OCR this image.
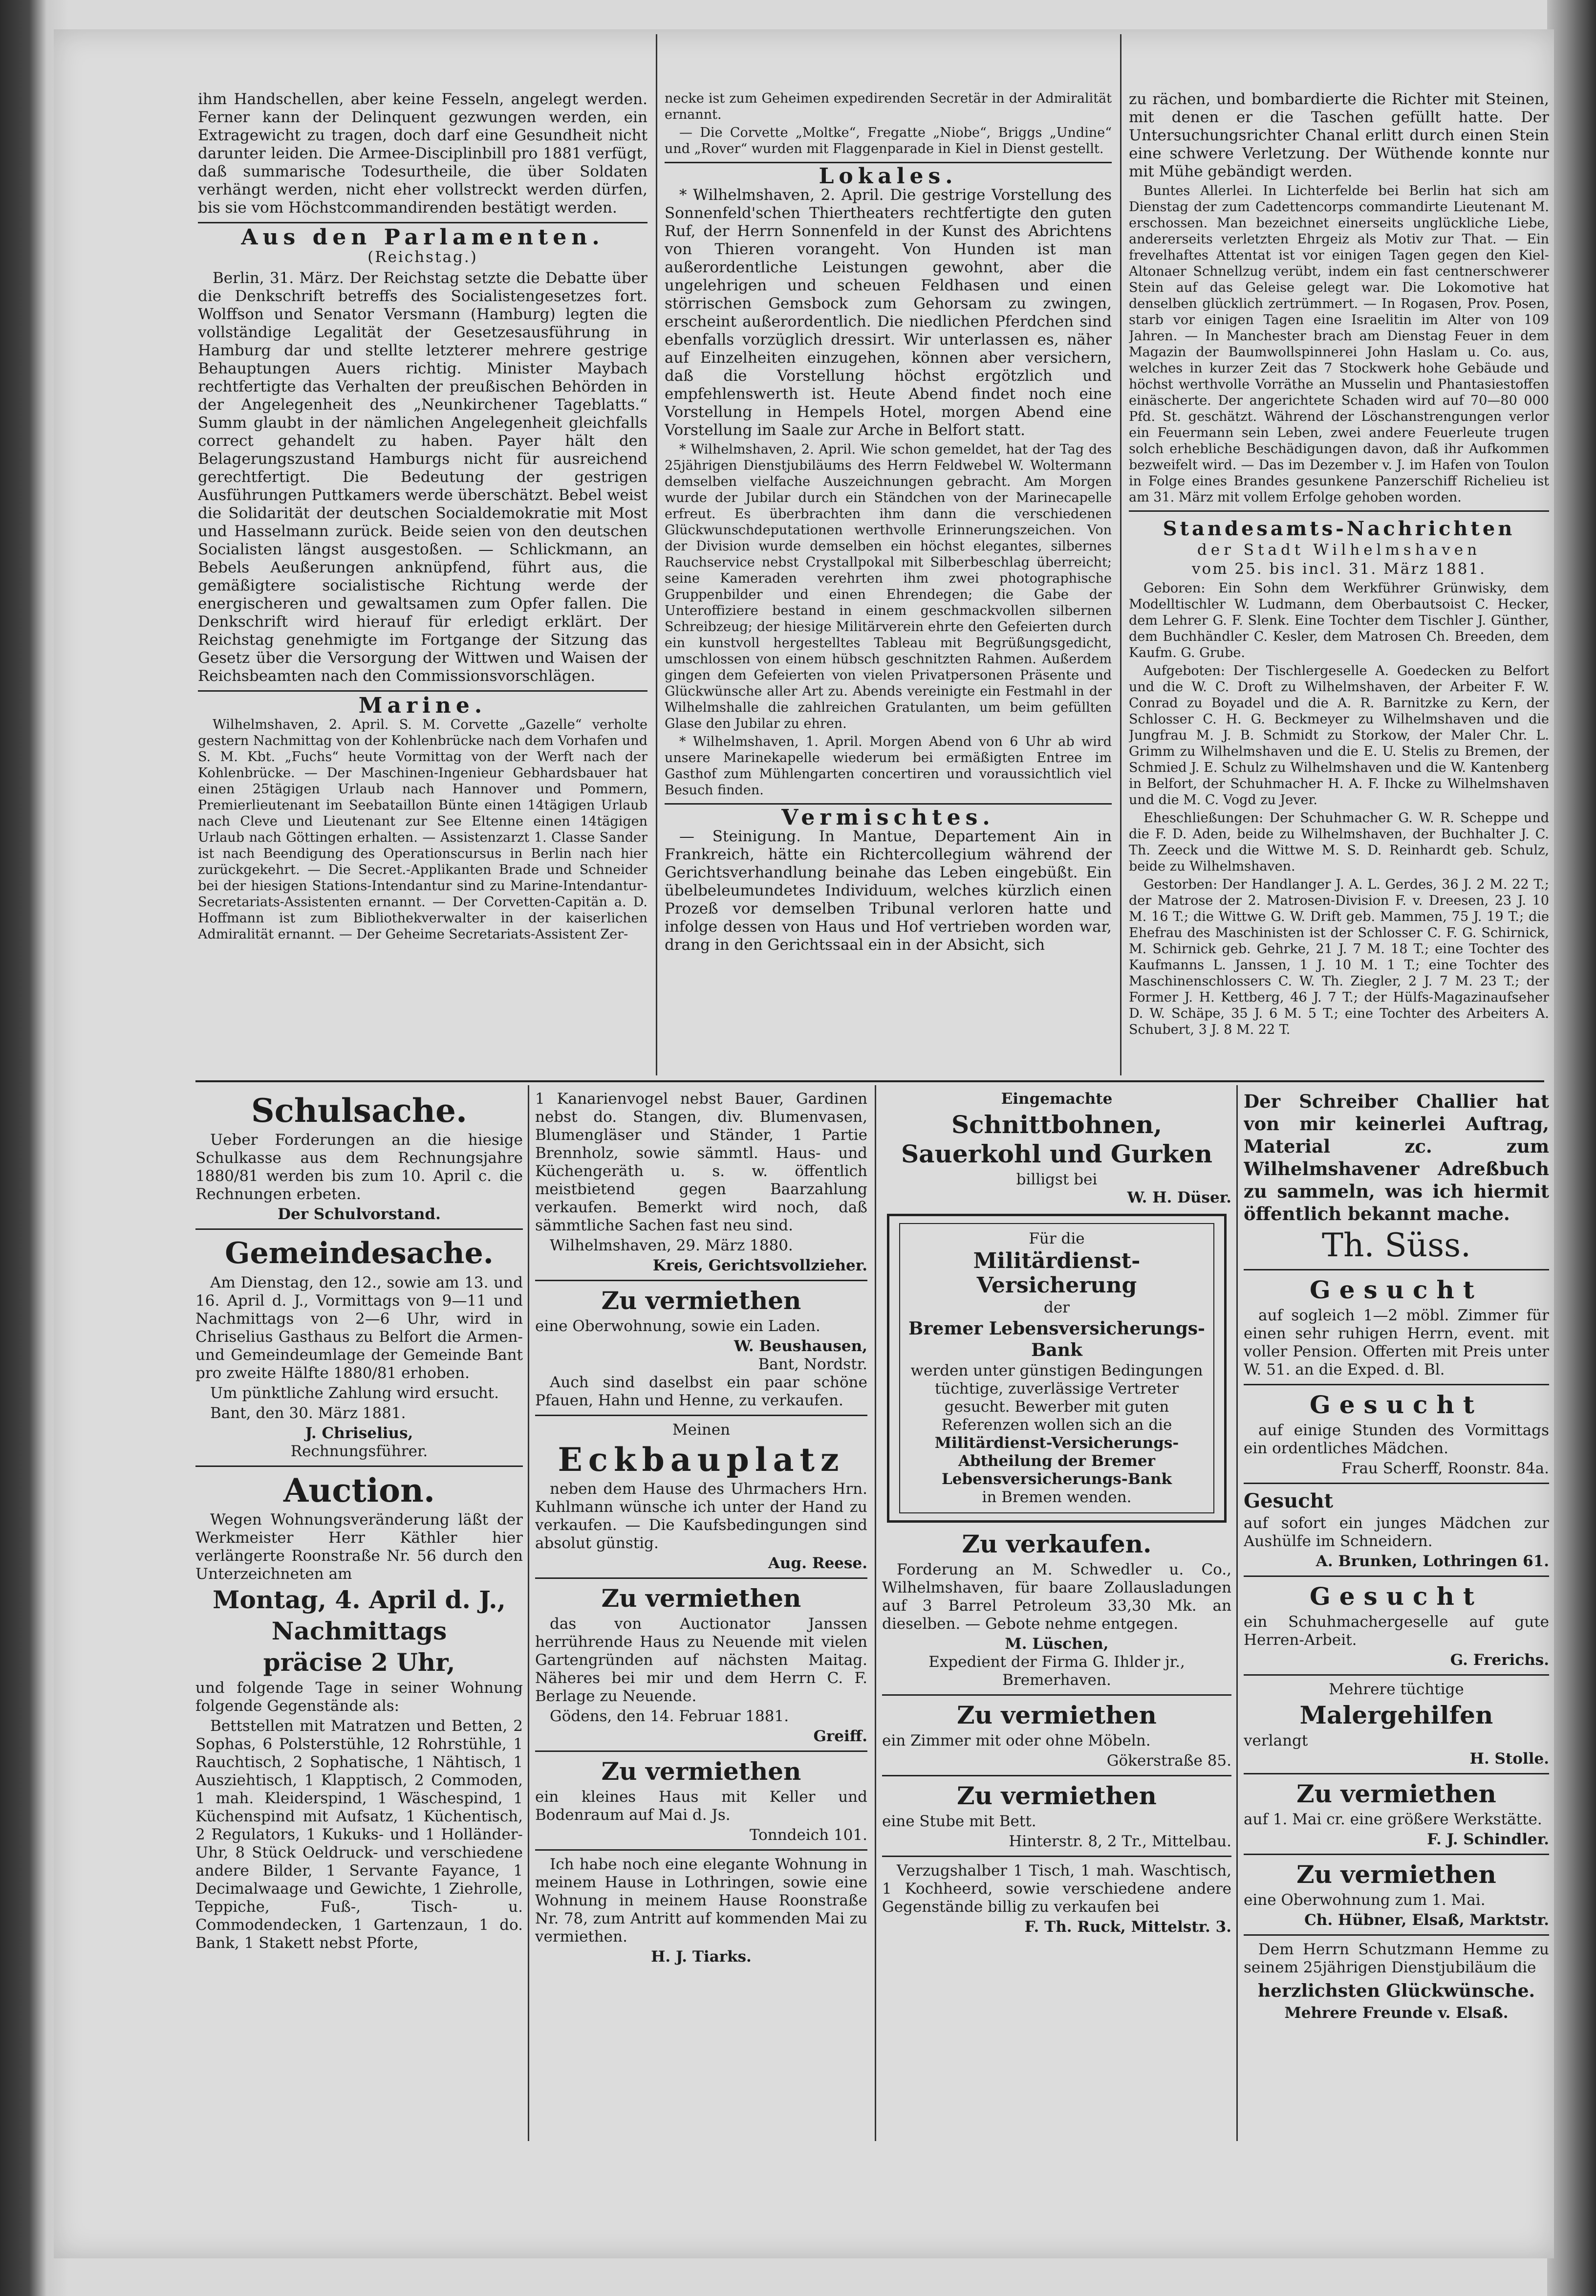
ihm Handschellen, aber keine Fesseln, angelegt werden. Ferner kann der Delinquent gezwungen werden, ein Extragewicht zu tragen, doch darf eine Gesundheit nicht darunter leiden. Die Armee-Disciplinbill pro 1881 verfügt, daß summarische Todesurtheile, die über Soldaten verhängt werden, nicht eher vollstreckt werden dürfen, bis sie vom Höchstcommandirenden bestätigt werden.

Aus den Parlamenten.
(Reichstag.)

Berlin, 31. März. Der Reichstag setzte die Debatte über die Denkschrift betreffs des Socialistengesetzes fort. Wolffson und Senator Versmann (Hamburg) legten die vollständige Legalität der Gesetzesausführung in Hamburg dar und stellte letzterer mehrere gestrige Behauptungen Auers richtig. Minister Maybach rechtfertigte das Verhalten der preußischen Behörden in der Angelegenheit des „Neunkirchener Tageblatts.“ Summ glaubt in der nämlichen Angelegenheit gleichfalls correct gehandelt zu haben. Payer hält den Belagerungszustand Hamburgs nicht für ausreichend gerechtfertigt. Die Bedeutung der gestrigen Ausführungen Puttkamers werde überschätzt. Bebel weist die Solidarität der deutschen Socialdemokratie mit Most und Hasselmann zurück. Beide seien von den deutschen Socialisten längst ausgestoßen. — Schlickmann, an Bebels Aeußerungen anknüpfend, führt aus, die gemäßigtere socialistische Richtung werde der energischeren und gewaltsamen zum Opfer fallen. Die Denkschrift wird hierauf für erledigt erklärt. Der Reichstag genehmigte im Fortgange der Sitzung das Gesetz über die Versorgung der Wittwen und Waisen der Reichsbeamten nach den Commissionsvorschlägen.

Marine.

Wilhelmshaven, 2. April. S. M. Corvette „Gazelle“ verholte gestern Nachmittag von der Kohlenbrücke nach dem Vorhafen und S. M. Kbt. „Fuchs“ heute Vormittag von der Werft nach der Kohlenbrücke. — Der Maschinen-Ingenieur Gebhardsbauer hat einen 25tägigen Urlaub nach Hannover und Pommern, Premierlieutenant im Seebataillon Bünte einen 14tägigen Urlaub nach Cleve und Lieutenant zur See Eltenne einen 14tägigen Urlaub nach Göttingen erhalten. — Assistenzarzt 1. Classe Sander ist nach Beendigung des Operationscursus in Berlin nach hier zurückgekehrt. — Die Secret.-Applikanten Brade und Schneider bei der hiesigen Stations-Intendantur sind zu Marine-Intendantur-Secretariats-Assistenten ernannt. — Der Corvetten-Capitän a. D. Hoffmann ist zum Bibliothekverwalter in der kaiserlichen Admiralität ernannt. — Der Geheime Secretariats-Assistent Zer-

necke ist zum Geheimen expedirenden Secretär in der Admiralität ernannt.

— Die Corvette „Moltke“, Fregatte „Niobe“, Briggs „Undine“ und „Rover“ wurden mit Flaggenparade in Kiel in Dienst gestellt.

Lokales.

* Wilhelmshaven, 2. April. Die gestrige Vorstellung des Sonnenfeld'schen Thiertheaters rechtfertigte den guten Ruf, der Herrn Sonnenfeld in der Kunst des Abrichtens von Thieren vorangeht. Von Hunden ist man außerordentliche Leistungen gewohnt, aber die ungelehrigen und scheuen Feldhasen und einen störrischen Gemsbock zum Gehorsam zu zwingen, erscheint außerordentlich. Die niedlichen Pferdchen sind ebenfalls vorzüglich dressirt. Wir unterlassen es, näher auf Einzelheiten einzugehen, können aber versichern, daß die Vorstellung höchst ergötzlich und empfehlenswerth ist. Heute Abend findet noch eine Vorstellung in Hempels Hotel, morgen Abend eine Vorstellung im Saale zur Arche in Belfort statt.

* Wilhelmshaven, 2. April. Wie schon gemeldet, hat der Tag des 25jährigen Dienstjubiläums des Herrn Feldwebel W. Woltermann demselben vielfache Auszeichnungen gebracht. Am Morgen wurde der Jubilar durch ein Ständchen von der Marinecapelle erfreut. Es überbrachten ihm dann die verschiedenen Glückwunschdeputationen werthvolle Erinnerungszeichen. Von der Division wurde demselben ein höchst elegantes, silbernes Rauchservice nebst Crystallpokal mit Silberbeschlag überreicht; seine Kameraden verehrten ihm zwei photographische Gruppenbilder und einen Ehrendegen; die Gabe der Unteroffiziere bestand in einem geschmackvollen silbernen Schreibzeug; der hiesige Militärverein ehrte den Gefeierten durch ein kunstvoll hergestelltes Tableau mit Begrüßungsgedicht, umschlossen von einem hübsch geschnitzten Rahmen. Außerdem gingen dem Gefeierten von vielen Privatpersonen Präsente und Glückwünsche aller Art zu. Abends vereinigte ein Festmahl in der Wilhelmshalle die zahlreichen Gratulanten, um beim gefüllten Glase den Jubilar zu ehren.

* Wilhelmshaven, 1. April. Morgen Abend von 6 Uhr ab wird unsere Marinekapelle wiederum bei ermäßigten Entree im Gasthof zum Mühlengarten concertiren und voraussichtlich viel Besuch finden.

Vermischtes.

— Steinigung. In Mantue, Departement Ain in Frankreich, hätte ein Richtercollegium während der Gerichtsverhandlung beinahe das Leben eingebüßt. Ein übelbeleumundetes Individuum, welches kürzlich einen Prozeß vor demselben Tribunal verloren hatte und infolge dessen von Haus und Hof vertrieben worden war, drang in den Gerichtssaal ein in der Absicht, sich

zu rächen, und bombardierte die Richter mit Steinen, mit denen er die Taschen gefüllt hatte. Der Untersuchungsrichter Chanal erlitt durch einen Stein eine schwere Verletzung. Der Wüthende konnte nur mit Mühe gebändigt werden.

Buntes Allerlei. In Lichterfelde bei Berlin hat sich am Dienstag der zum Cadettencorps commandirte Lieutenant M. erschossen. Man bezeichnet einerseits unglückliche Liebe, andererseits verletzten Ehrgeiz als Motiv zur That. — Ein frevelhaftes Attentat ist vor einigen Tagen gegen den Kiel-Altonaer Schnellzug verübt, indem ein fast centnerschwerer Stein auf das Geleise gelegt war. Die Lokomotive hat denselben glücklich zertrümmert. — In Rogasen, Prov. Posen, starb vor einigen Tagen eine Israelitin im Alter von 109 Jahren. — In Manchester brach am Dienstag Feuer in dem Magazin der Baumwollspinnerei John Haslam u. Co. aus, welches in kurzer Zeit das 7 Stockwerk hohe Gebäude und höchst werthvolle Vorräthe an Musselin und Phantasiestoffen einäscherte. Der angerichtete Schaden wird auf 70—80 000 Pfd. St. geschätzt. Während der Löschanstrengungen verlor ein Feuermann sein Leben, zwei andere Feuerleute trugen solch erhebliche Beschädigungen davon, daß ihr Aufkommen bezweifelt wird. — Das im Dezember v. J. im Hafen von Toulon in Folge eines Brandes gesunkene Panzerschiff Richelieu ist am 31. März mit vollem Erfolge gehoben worden.

Standesamts-Nachrichten
der Stadt Wilhelmshaven
vom 25. bis incl. 31. März 1881.

Geboren: Ein Sohn dem Werkführer Grünwisky, dem Modelltischler W. Ludmann, dem Oberbautsoist C. Hecker, dem Lehrer G. F. Slenk. Eine Tochter dem Tischler J. Günther, dem Buchhändler C. Kesler, dem Matrosen Ch. Breeden, dem Kaufm. G. Grube.

Aufgeboten: Der Tischlergeselle A. Goedecken zu Belfort und die W. C. Droft zu Wilhelmshaven, der Arbeiter F. W. Conrad zu Boyadel und die A. R. Barnitzke zu Kern, der Schlosser C. H. G. Beckmeyer zu Wilhelmshaven und die Jungfrau M. J. B. Schmidt zu Storkow, der Maler Chr. L. Grimm zu Wilhelmshaven und die E. U. Stelis zu Bremen, der Schmied J. E. Schulz zu Wilhelmshaven und die W. Kantenberg in Belfort, der Schuhmacher H. A. F. Ihcke zu Wilhelmshaven und die M. C. Vogd zu Jever.

Eheschließungen: Der Schuhmacher G. W. R. Scheppe und die F. D. Aden, beide zu Wilhelmshaven, der Buchhalter J. C. Th. Zeeck und die Wittwe M. S. D. Reinhardt geb. Schulz, beide zu Wilhelmshaven.

Gestorben: Der Handlanger J. A. L. Gerdes, 36 J. 2 M. 22 T.; der Matrose der 2. Matrosen-Division F. v. Dreesen, 23 J. 10 M. 16 T.; die Wittwe G. W. Drift geb. Mammen, 75 J. 19 T.; die Ehefrau des Maschinisten ist der Schlosser C. F. G. Schirnick, M. Schirnick geb. Gehrke, 21 J. 7 M. 18 T.; eine Tochter des Kaufmanns L. Janssen, 1 J. 10 M. 1 T.; eine Tochter des Maschinenschlossers C. W. Th. Ziegler, 2 J. 7 M. 23 T.; der Former J. H. Kettberg, 46 J. 7 T.; der Hülfs-Magazinaufseher D. W. Schäpe, 35 J. 6 M. 5 T.; eine Tochter des Arbeiters A. Schubert, 3 J. 8 M. 22 T.

Schulsache.

Ueber Forderungen an die hiesige Schulkasse aus dem Rechnungsjahre 1880/81 werden bis zum 10. April c. die Rechnungen erbeten.

Der Schulvorstand.
Gemeindesache.

Am Dienstag, den 12., sowie am 13. und 16. April d. J., Vormittags von 9—11 und Nachmittags von 2—6 Uhr, wird in Chriselius Gasthaus zu Belfort die Armen- und Gemeindeumlage der Gemeinde Bant pro zweite Hälfte 1880/81 erhoben.

Um pünktliche Zahlung wird ersucht.

Bant, den 30. März 1881.

J. Chriselius,
Rechnungsführer.
Auction.

Wegen Wohnungsveränderung läßt der Werkmeister Herr Käthler hier verlängerte Roonstraße Nr. 56 durch den Unterzeichneten am

Montag, 4. April d. J.,
Nachmittags
präcise 2 Uhr,

und folgende Tage in seiner Wohnung folgende Gegenstände als:

Bettstellen mit Matratzen und Betten, 2 Sophas, 6 Polsterstühle, 12 Rohrstühle, 1 Rauchtisch, 2 Sophatische, 1 Nähtisch, 1 Ausziehtisch, 1 Klapptisch, 2 Commoden, 1 mah. Kleiderspind, 1 Wäschespind, 1 Küchenspind mit Aufsatz, 1 Küchentisch, 2 Regulators, 1 Kukuks- und 1 Holländer-Uhr, 8 Stück Oeldruck- und verschiedene andere Bilder, 1 Servante Fayance, 1 Decimalwaage und Gewichte, 1 Ziehrolle, Teppiche, Fuß-, Tisch- u. Commodendecken, 1 Gartenzaun, 1 do. Bank, 1 Stakett nebst Pforte,

1 Kanarienvogel nebst Bauer, Gardinen nebst do. Stangen, div. Blumenvasen, Blumengläser und Ständer, 1 Partie Brennholz, sowie sämmtl. Haus- und Küchengeräth u. s. w. öffentlich meistbietend gegen Baarzahlung verkaufen. Bemerkt wird noch, daß sämmtliche Sachen fast neu sind.

Wilhelmshaven, 29. März 1880.

Kreis, Gerichtsvollzieher.
Zu vermiethen

eine Oberwohnung, sowie ein Laden.

W. Beushausen,
Bant, Nordstr.

Auch sind daselbst ein paar schöne Pfauen, Hahn und Henne, zu verkaufen.

Meinen
Eckbauplatz

neben dem Hause des Uhrmachers Hrn. Kuhlmann wünsche ich unter der Hand zu verkaufen. — Die Kaufsbedingungen sind absolut günstig.

Aug. Reese.
Zu vermiethen

das von Auctionator Janssen herrührende Haus zu Neuende mit vielen Gartengründen auf nächsten Maitag. Näheres bei mir und dem Herrn C. F. Berlage zu Neuende.

Gödens, den 14. Februar 1881.

Greiff.
Zu vermiethen

ein kleines Haus mit Keller und Bodenraum auf Mai d. Js.

Tonndeich 101.

Ich habe noch eine elegante Wohnung in meinem Hause in Lothringen, sowie eine Wohnung in meinem Hause Roonstraße Nr. 78, zum Antritt auf kommenden Mai zu vermiethen.

H. J. Tiarks.
Eingemachte
Schnittbohnen, Sauerkohl und Gurken
billigst bei
W. H. Düser.
Für die
Militärdienst-Versicherung
der
Bremer Lebensversicherungs-Bank
werden unter günstigen Bedingungen tüchtige, zuverlässige Vertreter gesucht. Bewerber mit guten Referenzen wollen sich an die
Militärdienst-Versicherungs-Abtheilung der Bremer Lebensversicherungs-Bank
in Bremen wenden.
Zu verkaufen.

Forderung an M. Schwedler u. Co., Wilhelmshaven, für baare Zollausladungen auf 3 Barrel Petroleum 33,30 Mk. an dieselben. — Gebote nehme entgegen.

M. Lüschen,
Expedient der Firma G. Ihlder jr., Bremerhaven.
Zu vermiethen

ein Zimmer mit oder ohne Möbeln.

Gökerstraße 85.
Zu vermiethen

eine Stube mit Bett.

Hinterstr. 8, 2 Tr., Mittelbau.

Verzugshalber 1 Tisch, 1 mah. Waschtisch, 1 Kochheerd, sowie verschiedene andere Gegenstände billig zu verkaufen bei

F. Th. Ruck, Mittelstr. 3.

Der Schreiber Challier hat von mir keinerlei Auftrag, Material zc. zum Wilhelmshavener Adreßbuch zu sammeln, was ich hiermit öffentlich bekannt mache.

Th. Süss.
Gesucht

auf sogleich 1—2 möbl. Zimmer für einen sehr ruhigen Herrn, event. mit voller Pension. Offerten mit Preis unter W. 51. an die Exped. d. Bl.

Gesucht

auf einige Stunden des Vormittags ein ordentliches Mädchen.

Frau Scherff, Roonstr. 84a.
Gesucht

auf sofort ein junges Mädchen zur Aushülfe im Schneidern.

A. Brunken, Lothringen 61.
Gesucht

ein Schuhmachergeselle auf gute Herren-Arbeit.

G. Frerichs.
Mehrere tüchtige
Malergehilfen
verlangt
H. Stolle.
Zu vermiethen

auf 1. Mai cr. eine größere Werkstätte.

F. J. Schindler.
Zu vermiethen

eine Oberwohnung zum 1. Mai.

Ch. Hübner, Elsaß, Marktstr.

Dem Herrn Schutzmann Hemme zu seinem 25jährigen Dienstjubiläum die

herzlichsten Glückwünsche.
Mehrere Freunde v. Elsaß.
